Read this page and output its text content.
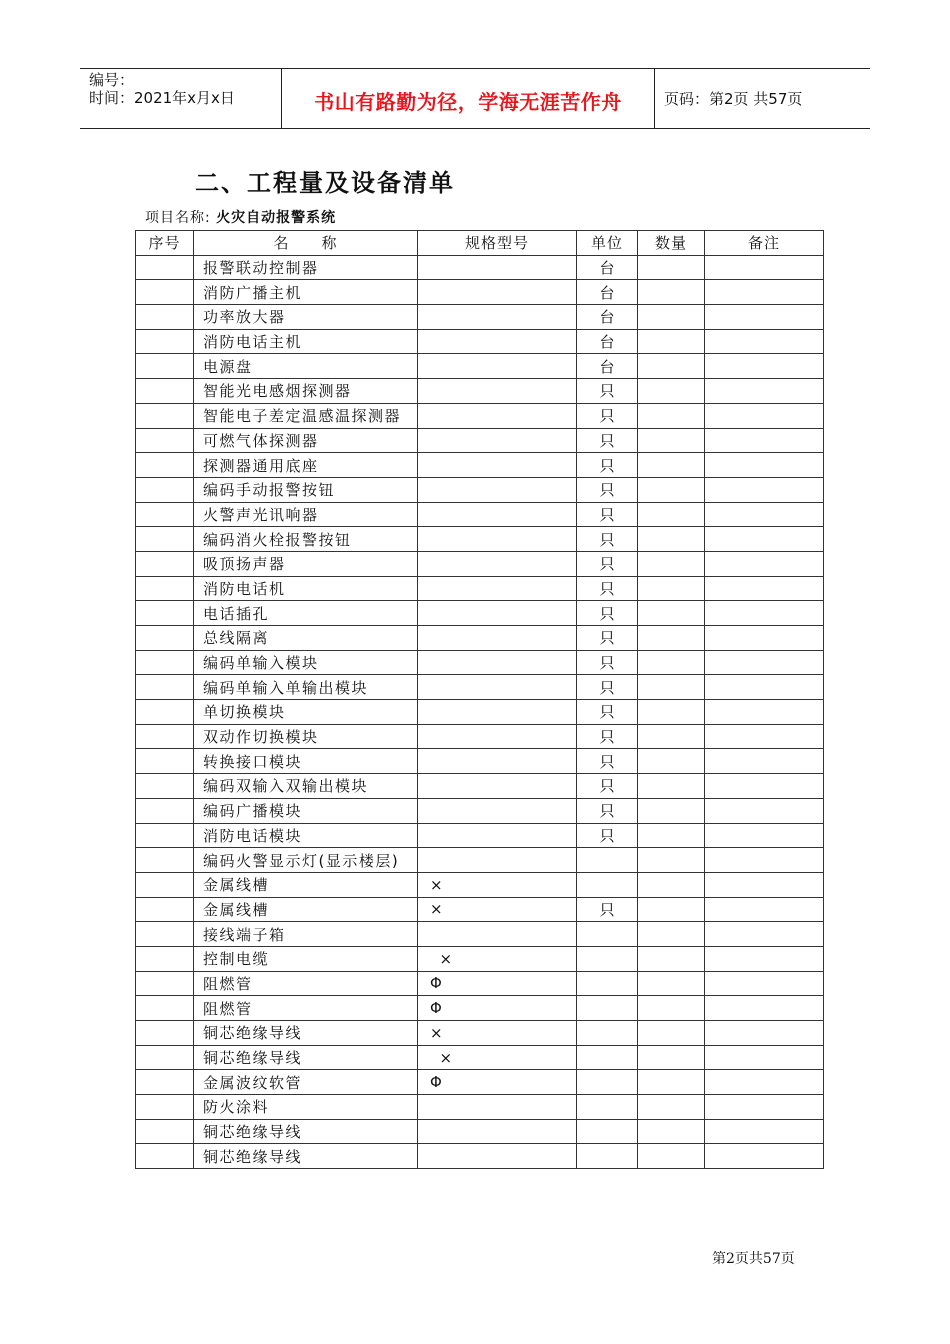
编号：
时间：2021年x月x日	书山有路勤为径，学海无涯苦作舟	页码：第2页 共57页
二、工程量及设备清单
项目名称: 火灾自动报警系统
序号	名　　称	规格型号	单位	数量	备注
	报警联动控制器		台		
	消防广播主机		台		
	功率放大器		台		
	消防电话主机		台		
	电源盘		台		
	智能光电感烟探测器		只		
	智能电子差定温感温探测器		只		
	可燃气体探测器		只		
	探测器通用底座		只		
	编码手动报警按钮		只		
	火警声光讯响器		只		
	编码消火栓报警按钮		只		
	吸顶扬声器		只		
	消防电话机		只		
	电话插孔		只		
	总线隔离		只		
	编码单输入模块		只		
	编码单输入单输出模块		只		
	单切换模块		只		
	双动作切换模块		只		
	转换接口模块		只		
	编码双输入双输出模块		只		
	编码广播模块		只		
	消防电话模块		只		
	编码火警显示灯(显示楼层)				
	金属线槽	×			
	金属线槽	×	只		
	接线端子箱				
	控制电缆	×			
	阻燃管	Φ			
	阻燃管	Φ			
	铜芯绝缘导线	×			
	铜芯绝缘导线	×			
	金属波纹软管	Φ			
	防火涂料				
	铜芯绝缘导线				
	铜芯绝缘导线				
第2页共57页
